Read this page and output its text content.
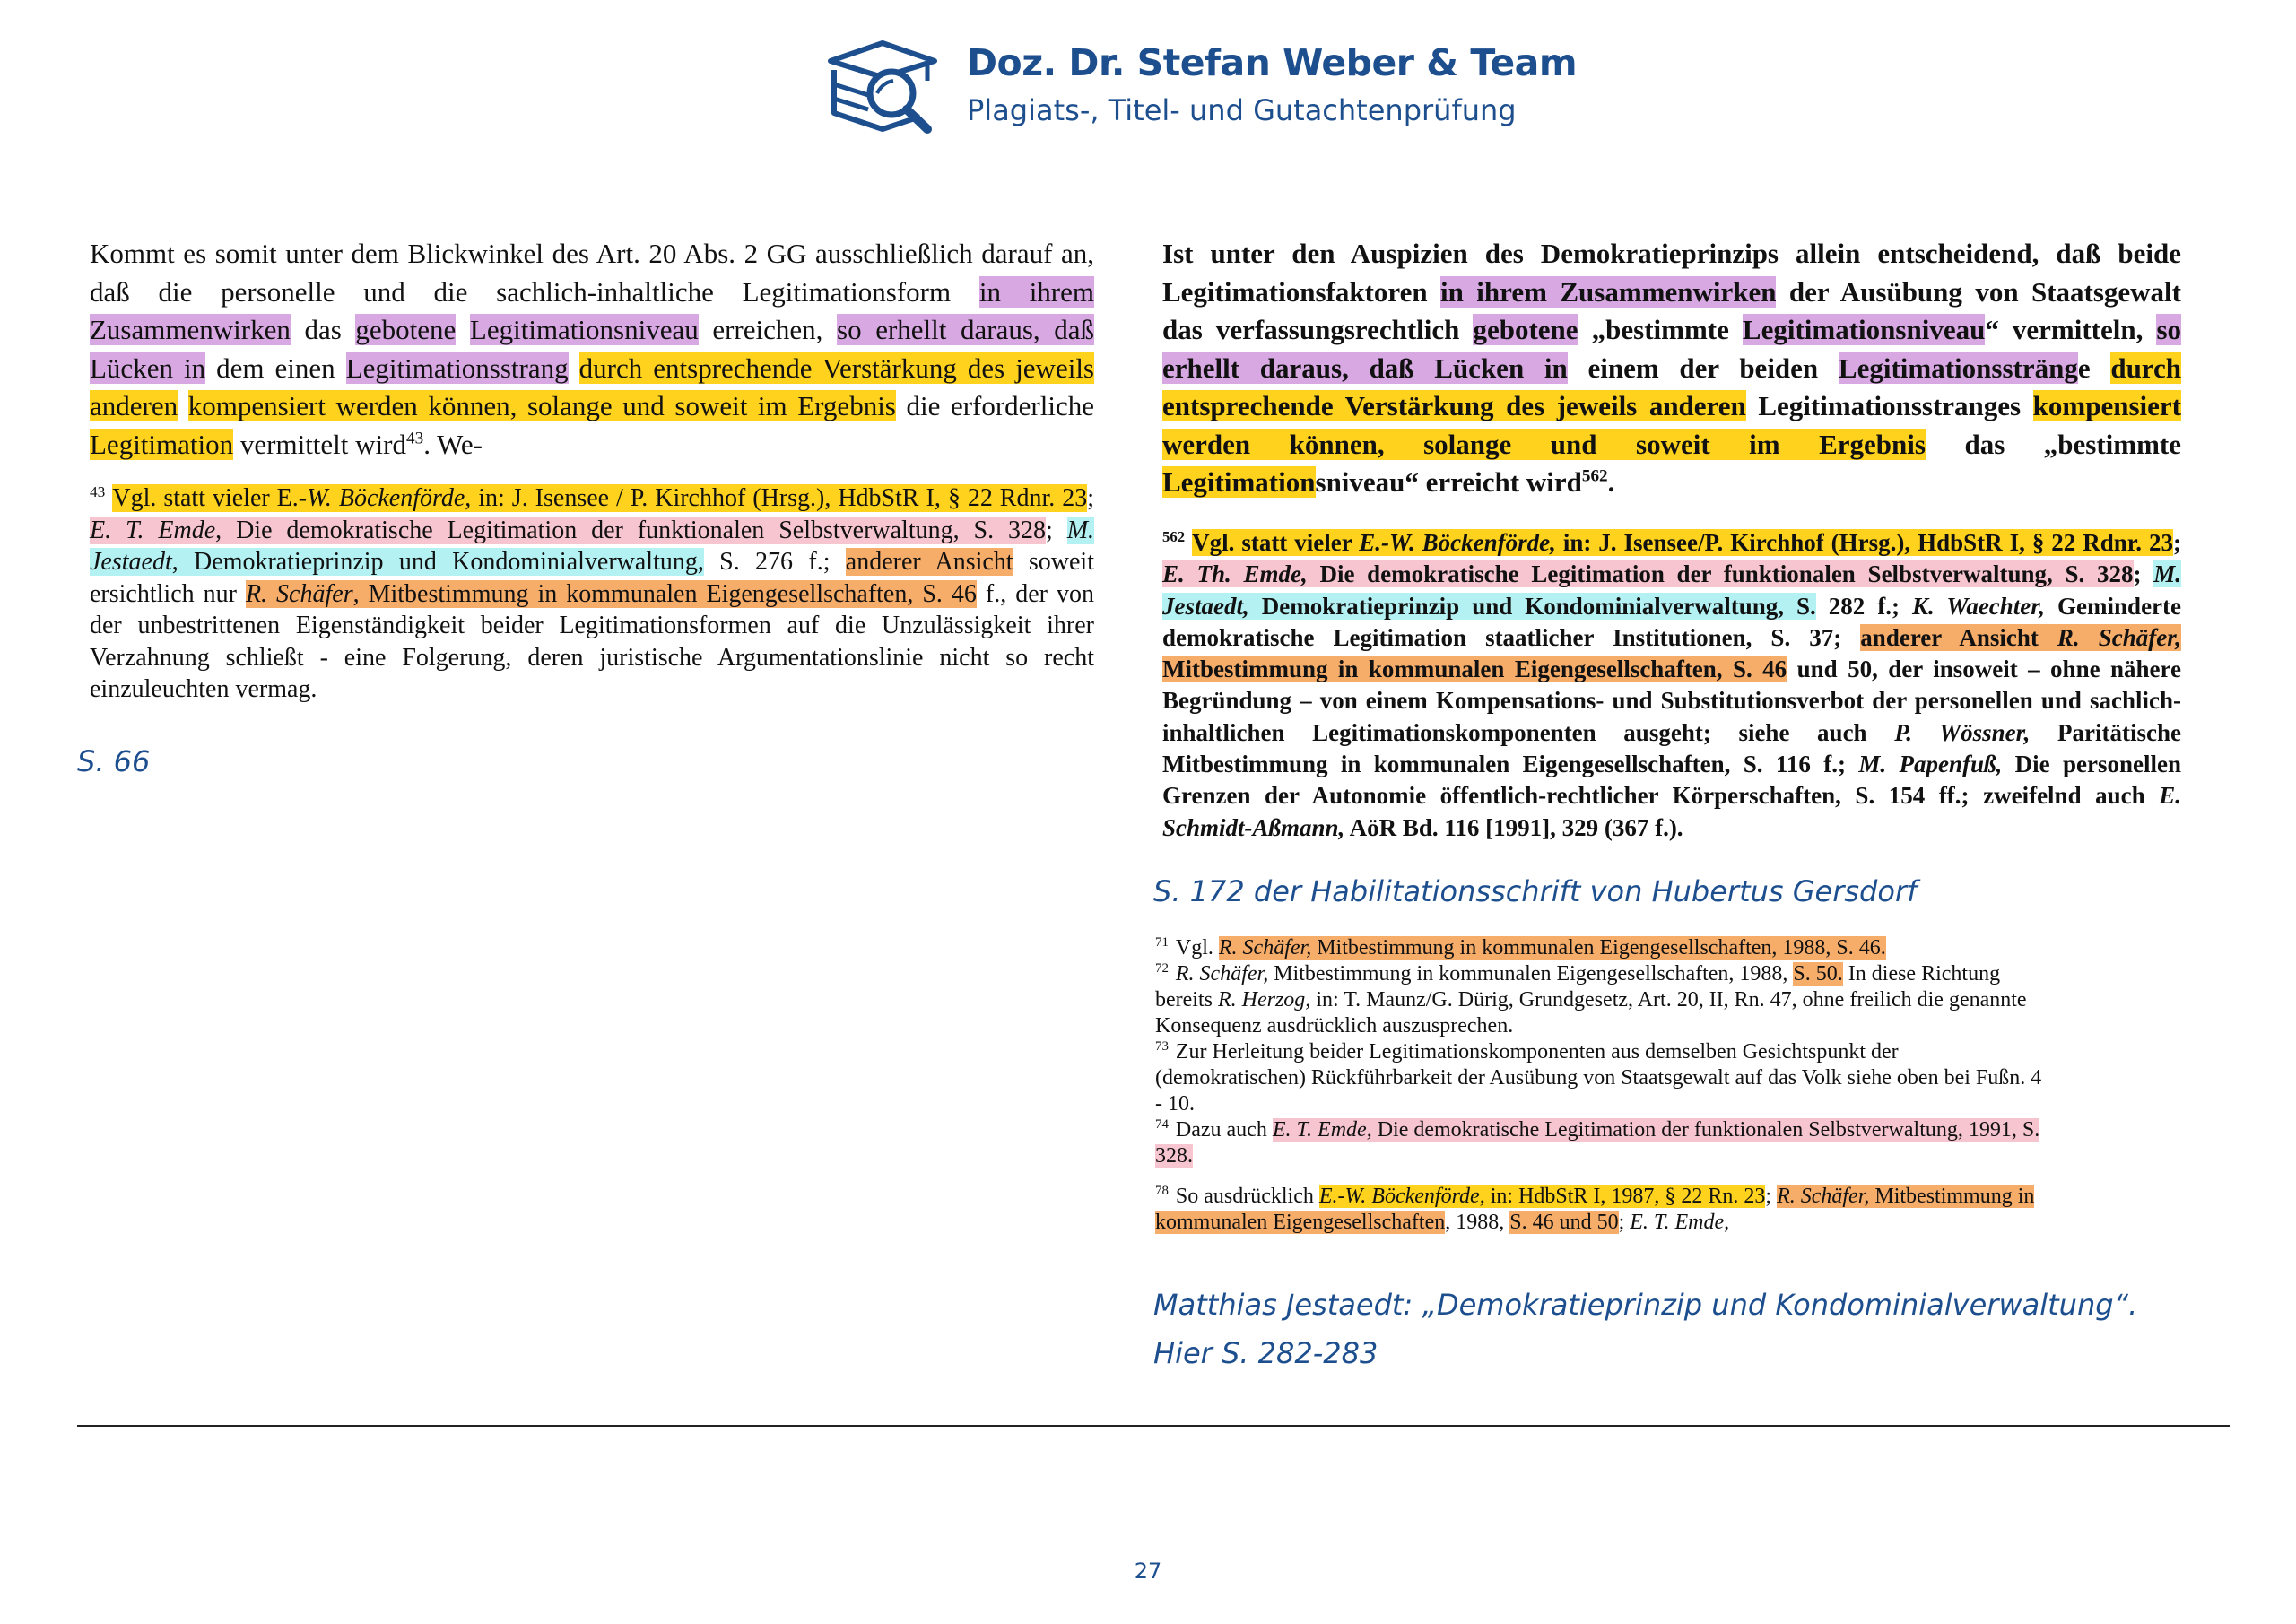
Doz. Dr. Stefan Weber & Team
Plagiats-, Titel- und Gutachtenprüfung

Kommt es somit unter dem Blickwinkel des Art. 20 Abs. 2 GG ausschließlich darauf an, daß die personelle und die sachlich-inhaltliche Legitimationsform in ihrem Zusammenwirken das gebotene Legitimationsniveau erreichen, so erhellt daraus, daß Lücken in dem einen Legitimationsstrang durch entsprechende Verstärkung des jeweils anderen kompensiert werden können, solange und soweit im Ergebnis die erforderliche Legitimation vermittelt wird$^{43}$. We-

$^{43}$ Vgl. statt vieler E.-W. Böckenförde, in: J. Isensee / P. Kirchhof (Hrsg.), HdbStR I, § 22 Rdnr. 23; E. T. Emde, Die demokratische Legitimation der funktionalen Selbstverwaltung, S. 328; M. Jestaedt, Demokratieprinzip und Kondominialverwaltung, S. 276 f.; anderer Ansicht soweit ersichtlich nur R. Schäfer, Mitbestimmung in kommunalen Eigengesellschaften, S. 46 f., der von der unbestrittenen Eigenständigkeit beider Legitimationsformen auf die Unzulässigkeit ihrer Verzahnung schließt - eine Folgerung, deren juristische Argumentationslinie nicht so recht einzuleuchten vermag.

S. 66

Ist unter den Auspizien des Demokratieprinzips allein entscheidend, daß beide Legitimationsfaktoren in ihrem Zusammenwirken der Ausübung von Staatsgewalt das verfassungsrechtlich gebotene „bestimmte Legitimationsniveau“ vermitteln, so erhellt daraus, daß Lücken in einem der beiden Legitimationsstränge durch entsprechende Verstärkung des jeweils anderen Legitimationsstranges kompensiert werden können, solange und soweit im Ergebnis das „bestimmte Legitimationsniveau“ erreicht wird$^{562}$.

$^{562}$ Vgl. statt vieler E.-W. Böckenförde, in: J. Isensee/P. Kirchhof (Hrsg.), HdbStR I, § 22 Rdnr. 23; E. Th. Emde, Die demokratische Legitimation der funktionalen Selbstverwaltung, S. 328; M. Jestaedt, Demokratieprinzip und Kondominialverwaltung, S. 282 f.; K. Waechter, Geminderte demokratische Legitimation staatlicher Institutionen, S. 37; anderer Ansicht R. Schäfer, Mitbestimmung in kommunalen Eigengesellschaften, S. 46 und 50, der insoweit – ohne nähere Begründung – von einem Kompensations- und Substitutionsverbot der personellen und sachlich-inhaltlichen Legitimationskomponenten ausgeht; siehe auch P. Wössner, Paritätische Mitbestimmung in kommunalen Eigengesellschaften, S. 116 f.; M. Papenfuß, Die personellen Grenzen der Autonomie öffentlich-rechtlicher Körperschaften, S. 154 ff.; zweifelnd auch E. Schmidt-Aßmann, AöR Bd. 116 [1991], 329 (367 f.).

S. 172 der Habilitationsschrift von Hubertus Gersdorf

$^{71}$ Vgl. R. Schäfer, Mitbestimmung in kommunalen Eigengesellschaften, 1988, S. 46.

$^{72}$ R. Schäfer, Mitbestimmung in kommunalen Eigengesellschaften, 1988, S. 50. In diese Richtung bereits R. Herzog, in: T. Maunz/G. Dürig, Grundgesetz, Art. 20, II, Rn. 47, ohne freilich die genannte Konsequenz ausdrücklich auszusprechen.

$^{73}$ Zur Herleitung beider Legitimationskomponenten aus demselben Gesichtspunkt der (demokratischen) Rückführbarkeit der Ausübung von Staatsgewalt auf das Volk siehe oben bei Fußn. 4 - 10.

$^{74}$ Dazu auch E. T. Emde, Die demokratische Legitimation der funktionalen Selbstverwaltung, 1991, S. 328.

$^{78}$ So ausdrücklich E.-W. Böckenförde, in: HdbStR I, 1987, § 22 Rn. 23; R. Schäfer, Mitbestimmung in kommunalen Eigengesellschaften, 1988, S. 46 und 50; E. T. Emde,

Matthias Jestaedt: „Demokratieprinzip und Kondominialverwaltung“. Hier S. 282-283

27
